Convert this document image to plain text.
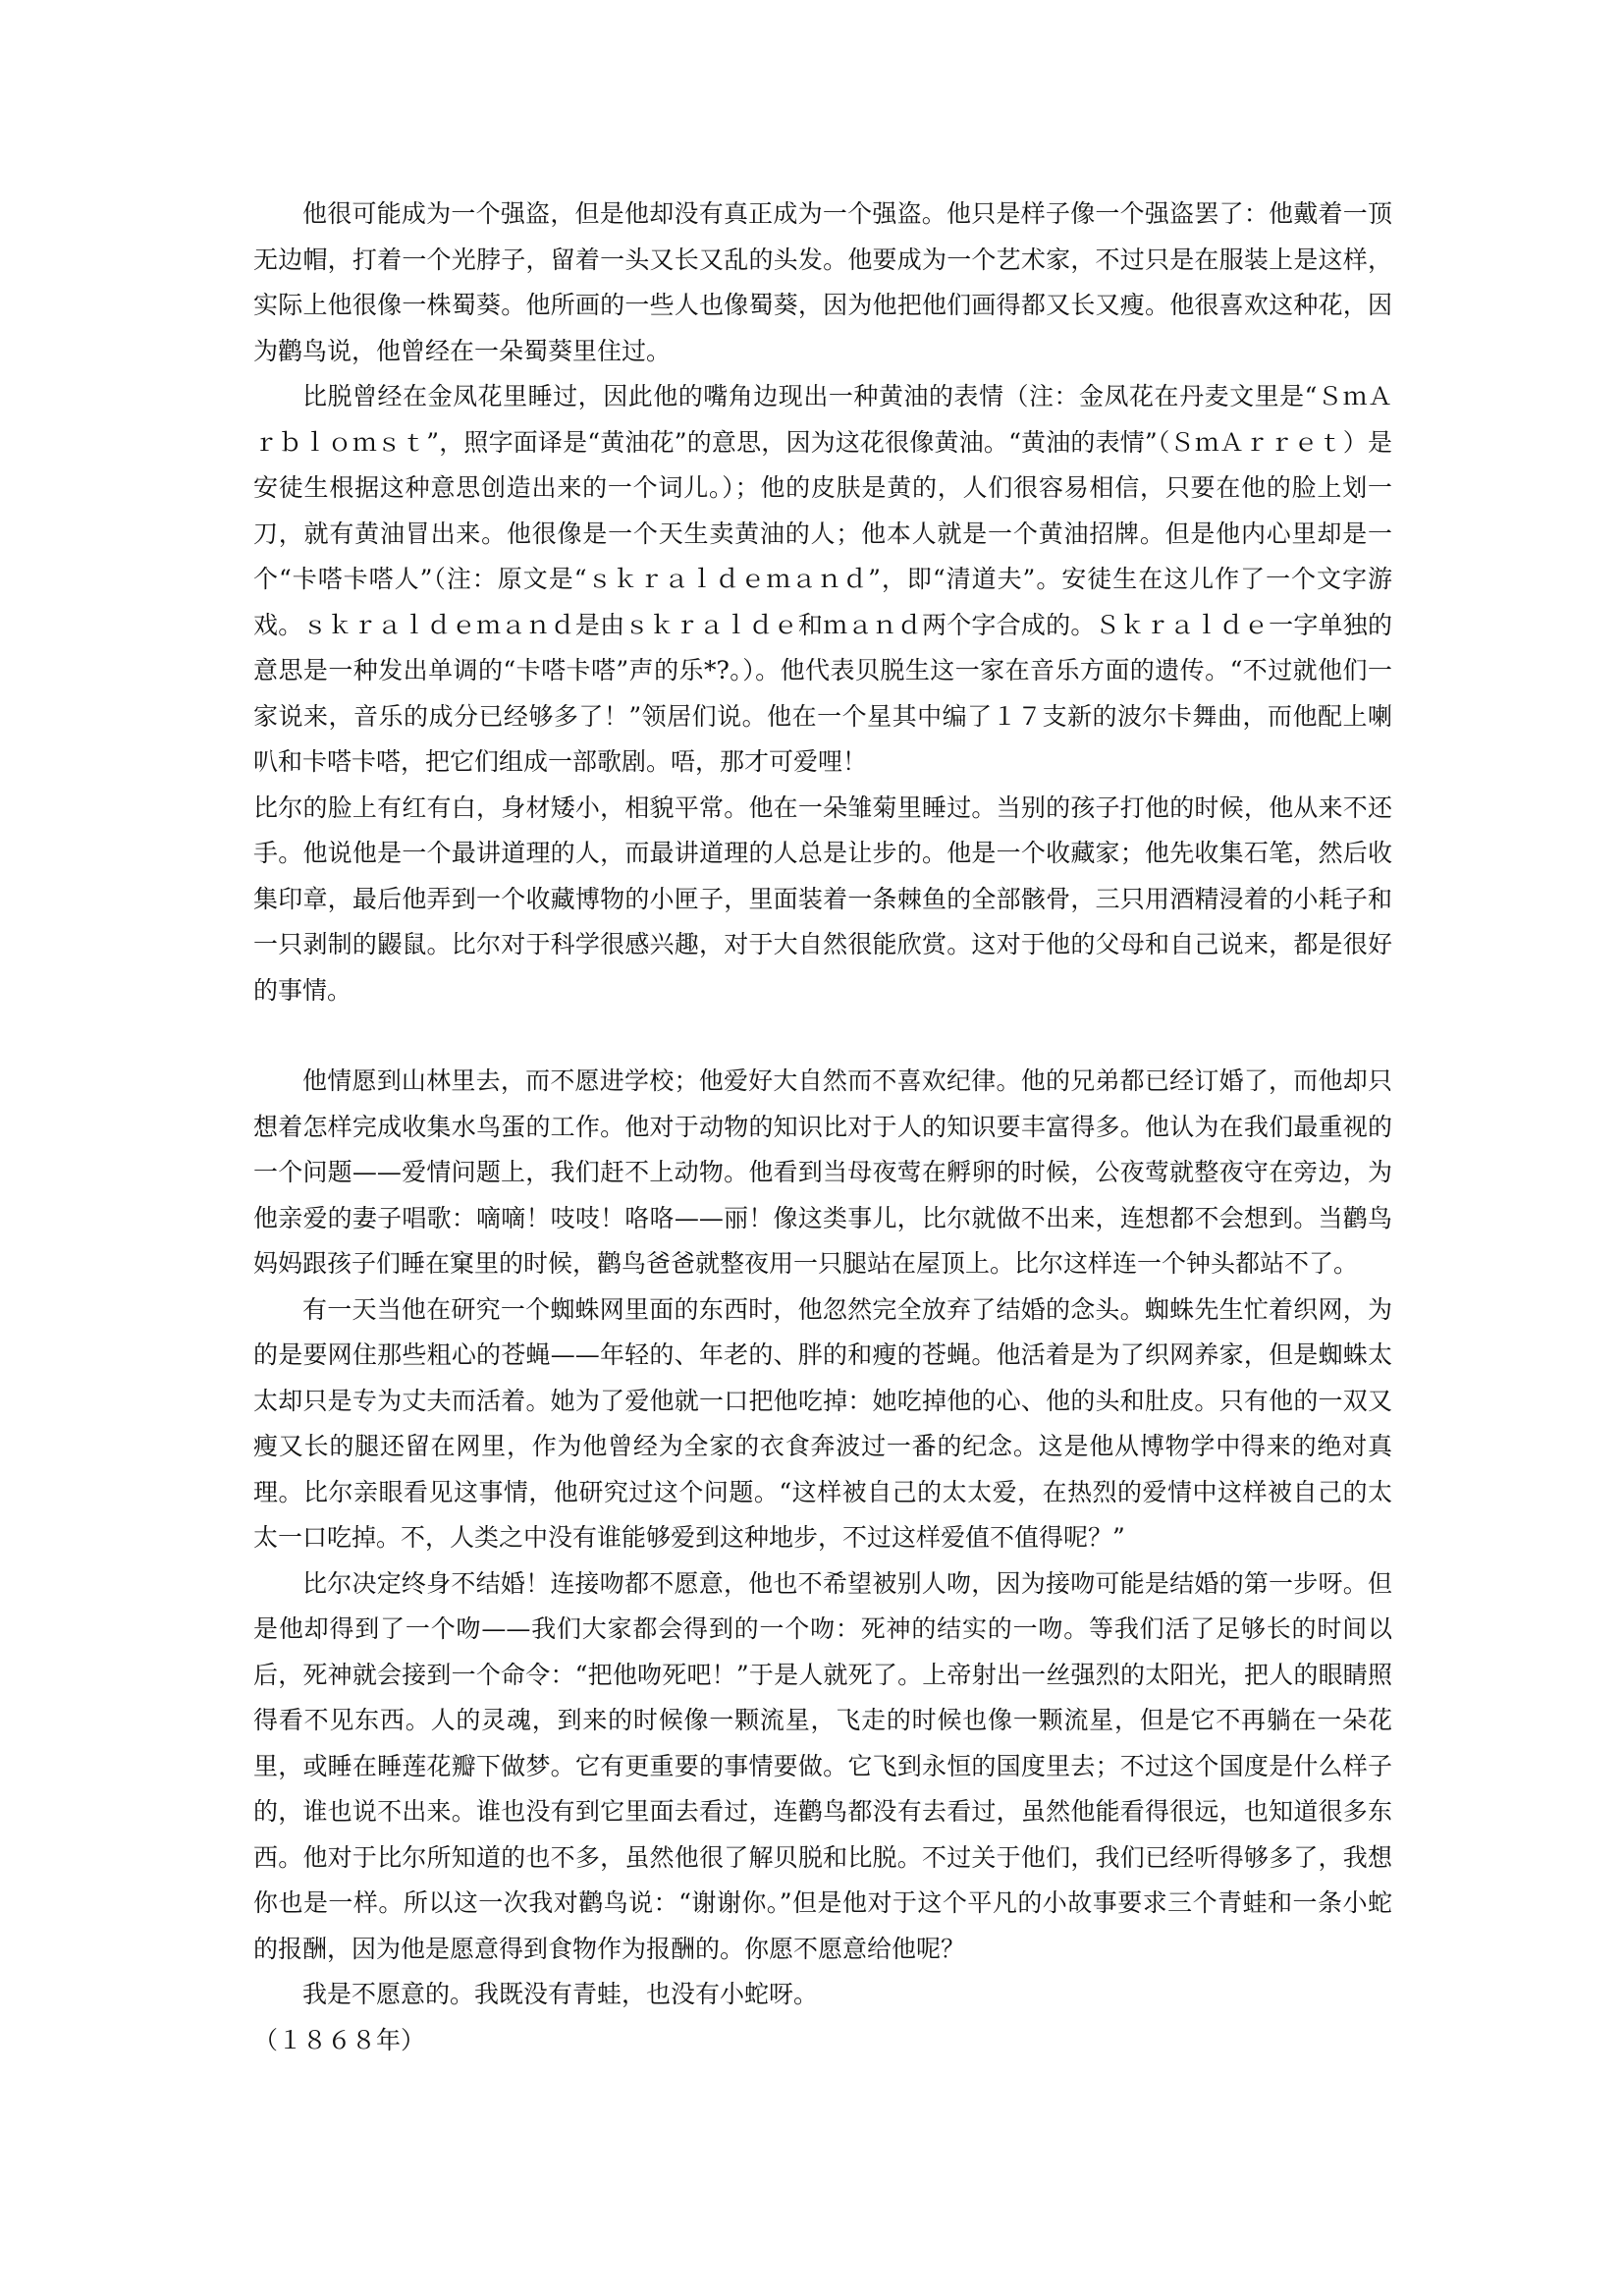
他很可能成为一个强盗，但是他却没有真正成为一个强盗。他只是样子像一个强盗罢了：他戴着一顶无边帽，打着一个光脖子，留着一头又长又乱的头发。他要成为一个艺术家，不过只是在服装上是这样，实际上他很像一株蜀葵。他所画的一些人也像蜀葵，因为他把他们画得都又长又瘦。他很喜欢这种花，因为鹳鸟说，他曾经在一朵蜀葵里住过。

比脱曾经在金凤花里睡过，因此他的嘴角边现出一种黄油的表情（注：金凤花在丹麦文里是“ＳｍＡｒｂｌｏｍｓｔ”，照字面译是“黄油花”的意思，因为这花很像黄油。“黄油的表情”（ＳｍＡｒｒｅｔ）是安徒生根据这种意思创造出来的一个词儿。）；他的皮肤是黄的，人们很容易相信，只要在他的脸上划一刀，就有黄油冒出来。他很像是一个天生卖黄油的人；他本人就是一个黄油招牌。但是他内心里却是一个“卡嗒卡嗒人”（注：原文是“ｓｋｒａｌｄｅｍａｎｄ”，即“清道夫”。安徒生在这儿作了一个文字游戏。ｓｋｒａｌｄｅｍａｎｄ是由ｓｋｒａｌｄｅ和ｍａｎｄ两个字合成的。Ｓｋｒａｌｄｅ一字单独的意思是一种发出单调的“卡嗒卡嗒”声的乐*?。）。他代表贝脱生这一家在音乐方面的遗传。“不过就他们一家说来，音乐的成分已经够多了！”领居们说。他在一个星其中编了１７支新的波尔卡舞曲，而他配上喇叭和卡嗒卡嗒，把它们组成一部歌剧。唔，那才可爱哩！

比尔的脸上有红有白，身材矮小，相貌平常。他在一朵雏菊里睡过。当别的孩子打他的时候，他从来不还手。他说他是一个最讲道理的人，而最讲道理的人总是让步的。他是一个收藏家；他先收集石笔，然后收集印章，最后他弄到一个收藏博物的小匣子，里面装着一条棘鱼的全部骸骨，三只用酒精浸着的小耗子和一只剥制的鼹鼠。比尔对于科学很感兴趣，对于大自然很能欣赏。这对于他的父母和自己说来，都是很好的事情。

他情愿到山林里去，而不愿进学校；他爱好大自然而不喜欢纪律。他的兄弟都已经订婚了，而他却只想着怎样完成收集水鸟蛋的工作。他对于动物的知识比对于人的知识要丰富得多。他认为在我们最重视的一个问题——爱情问题上，我们赶不上动物。他看到当母夜莺在孵卵的时候，公夜莺就整夜守在旁边，为他亲爱的妻子唱歌：嘀嘀！吱吱！咯咯——丽！像这类事儿，比尔就做不出来，连想都不会想到。当鹳鸟妈妈跟孩子们睡在窠里的时候，鹳鸟爸爸就整夜用一只腿站在屋顶上。比尔这样连一个钟头都站不了。

有一天当他在研究一个蜘蛛网里面的东西时，他忽然完全放弃了结婚的念头。蜘蛛先生忙着织网，为的是要网住那些粗心的苍蝇——年轻的、年老的、胖的和瘦的苍蝇。他活着是为了织网养家，但是蜘蛛太太却只是专为丈夫而活着。她为了爱他就一口把他吃掉：她吃掉他的心、他的头和肚皮。只有他的一双又瘦又长的腿还留在网里，作为他曾经为全家的衣食奔波过一番的纪念。这是他从博物学中得来的绝对真理。比尔亲眼看见这事情，他研究过这个问题。“这样被自己的太太爱，在热烈的爱情中这样被自己的太太一口吃掉。不，人类之中没有谁能够爱到这种地步，不过这样爱值不值得呢？”

比尔决定终身不结婚！连接吻都不愿意，他也不希望被别人吻，因为接吻可能是结婚的第一步呀。但是他却得到了一个吻——我们大家都会得到的一个吻：死神的结实的一吻。等我们活了足够长的时间以后，死神就会接到一个命令：“把他吻死吧！”于是人就死了。上帝射出一丝强烈的太阳光，把人的眼睛照得看不见东西。人的灵魂，到来的时候像一颗流星，飞走的时候也像一颗流星，但是它不再躺在一朵花里，或睡在睡莲花瓣下做梦。它有更重要的事情要做。它飞到永恒的国度里去；不过这个国度是什么样子的，谁也说不出来。谁也没有到它里面去看过，连鹳鸟都没有去看过，虽然他能看得很远，也知道很多东西。他对于比尔所知道的也不多，虽然他很了解贝脱和比脱。不过关于他们，我们已经听得够多了，我想你也是一样。所以这一次我对鹳鸟说：“谢谢你。”但是他对于这个平凡的小故事要求三个青蛙和一条小蛇的报酬，因为他是愿意得到食物作为报酬的。你愿不愿意给他呢？

我是不愿意的。我既没有青蛙，也没有小蛇呀。

（１８６８年）
